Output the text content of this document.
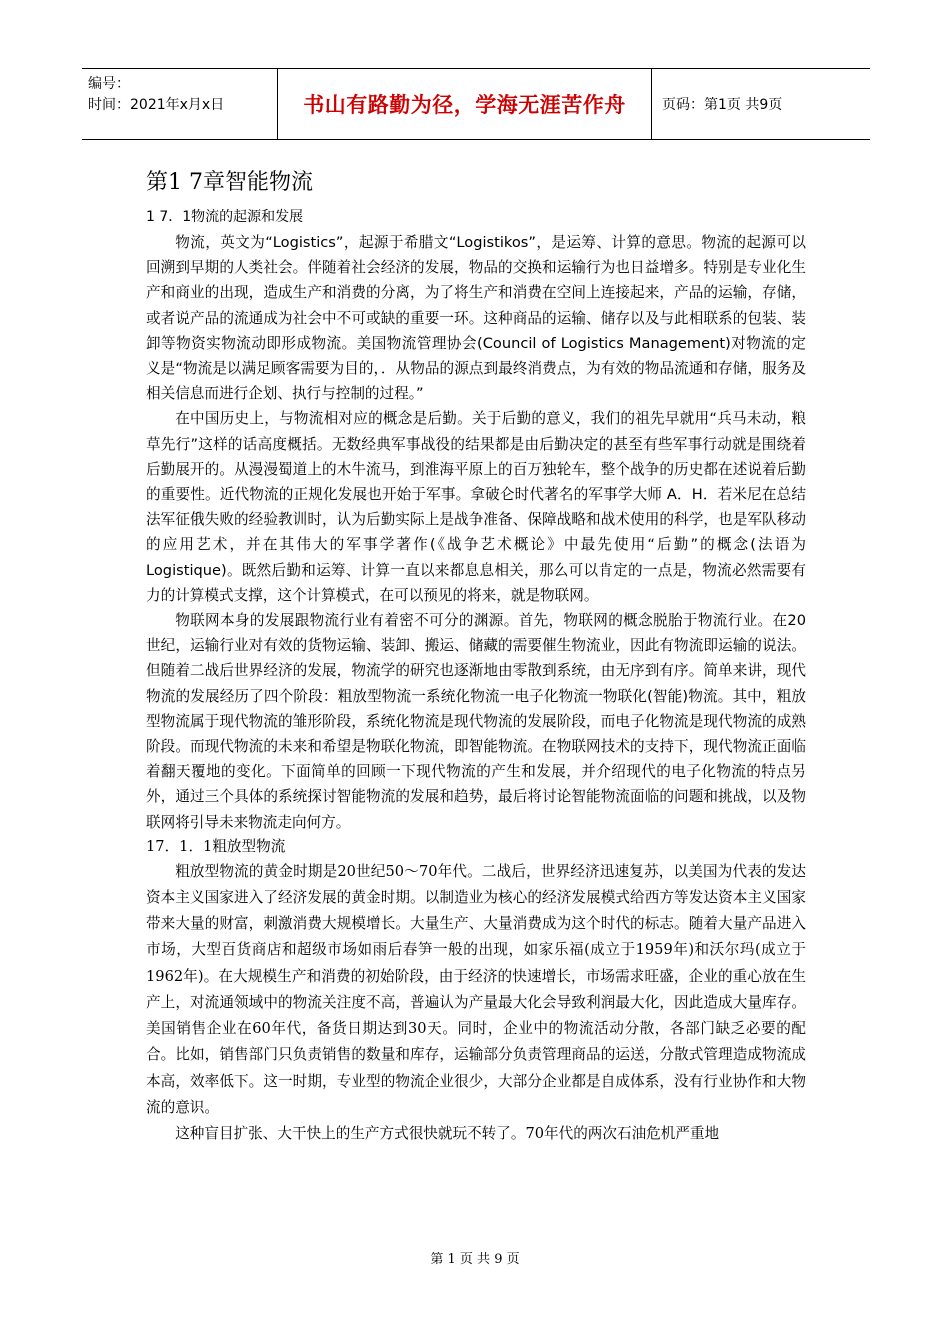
编号：
时间：2021年x月x日	书山有路勤为径，学海无涯苦作舟	页码：第1页 共9页
第1 7章智能物流
1 7．1物流的起源和发展

物流，英文为“Logistics”，起源于希腊文“Logistikos”，是运筹、计算的意思。物流的起源可以回溯到早期的人类社会。伴随着社会经济的发展，物品的交换和运输行为也日益增多。特别是专业化生产和商业的出现，造成生产和消费的分离，为了将生产和消费在空间上连接起来，产品的运输，存储，或者说产品的流通成为社会中不可或缺的重要一环。这种商品的运输、储存以及与此相联系的包装、装卸等物资实物流动即形成物流。美国物流管理协会(Council of Logistics Management)对物流的定义是“物流是以满足顾客需要为目的，．从物品的源点到最终消费点，为有效的物品流通和存储，服务及相关信息而进行企划、执行与控制的过程。”

在中国历史上，与物流相对应的概念是后勤。关于后勤的意义，我们的祖先早就用“兵马未动，粮草先行”这样的话高度概括。无数经典军事战役的结果都是由后勤决定的甚至有些军事行动就是围绕着后勤展开的。从漫漫蜀道上的木牛流马，到淮海平原上的百万独轮车，整个战争的历史都在述说着后勤的重要性。近代物流的正规化发展也开始于军事。拿破仑时代著名的军事学大师 A．H．若米尼在总结法军征俄失败的经验教训时，认为后勤实际上是战争准备、保障战略和战术使用的科学，也是军队移动的应用艺术，并在其伟大的军事学著作(《战争艺术概论》中最先使用“后勤”的概念(法语为Logistique)。既然后勤和运筹、计算一直以来都息息相关，那么可以肯定的一点是，物流必然需要有力的计算模式支撑，这个计算模式，在可以预见的将来，就是物联网。

物联网本身的发展跟物流行业有着密不可分的渊源。首先，物联网的概念脱胎于物流行业。在20世纪，运输行业对有效的货物运输、装卸、搬运、储藏的需要催生物流业，因此有物流即运输的说法。但随着二战后世界经济的发展，物流学的研究也逐渐地由零散到系统，由无序到有序。简单来讲，现代物流的发展经历了四个阶段：粗放型物流一系统化物流一电子化物流一物联化(智能)物流。其中，粗放型物流属于现代物流的雏形阶段，系统化物流是现代物流的发展阶段，而电子化物流是现代物流的成熟阶段。而现代物流的未来和希望是物联化物流，即智能物流。在物联网技术的支持下，现代物流正面临着翻天覆地的变化。下面简单的回顾一下现代物流的产生和发展，并介绍现代的电子化物流的特点另外，通过三个具体的系统探讨智能物流的发展和趋势，最后将讨论智能物流面临的问题和挑战，以及物联网将引导未来物流走向何方。

17．1．1粗放型物流

粗放型物流的黄金时期是20世纪50～70年代。二战后，世界经济迅速复苏，以美国为代表的发达资本主义国家进入了经济发展的黄金时期。以制造业为核心的经济发展模式给西方等发达资本主义国家带来大量的财富，刺激消费大规模增长。大量生产、大量消费成为这个时代的标志。随着大量产品进入市场，大型百货商店和超级市场如雨后春笋一般的出现，如家乐福(成立于1959年)和沃尔玛(成立于1962年)。在大规模生产和消费的初始阶段，由于经济的快速增长，市场需求旺盛，企业的重心放在生产上，对流通领域中的物流关注度不高，普遍认为产量最大化会导致利润最大化，因此造成大量库存。美国销售企业在60年代，备货日期达到30天。同时，企业中的物流活动分散，各部门缺乏必要的配合。比如，销售部门只负责销售的数量和库存，运输部分负责管理商品的运送，分散式管理造成物流成本高，效率低下。这一时期，专业型的物流企业很少，大部分企业都是自成体系，没有行业协作和大物流的意识。

这种盲目扩张、大干快上的生产方式很快就玩不转了。70年代的两次石油危机严重地

第 1 页 共 9 页
